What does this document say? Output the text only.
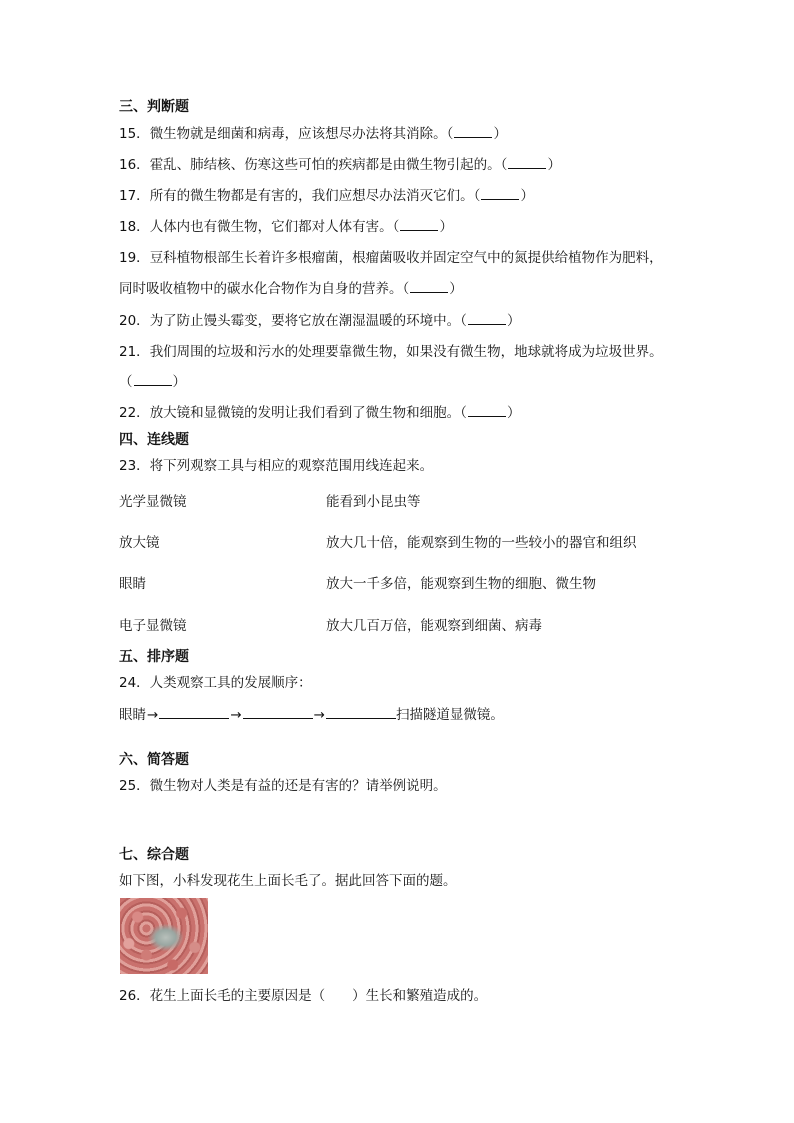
三、判断题
15．微生物就是细菌和病毒，应该想尽办法将其消除。（	）
16．霍乱、肺结核、伤寒这些可怕的疾病都是由微生物引起的。（	）
17．所有的微生物都是有害的，我们应想尽办法消灭它们。（	）
18．人体内也有微生物，它们都对人体有害。（	）
19．豆科植物根部生长着许多根瘤菌，根瘤菌吸收并固定空气中的氮提供给植物作为肥料，
同时吸收植物中的碳水化合物作为自身的营养。（	）
20．为了防止馒头霉变，要将它放在潮湿温暖的环境中。（	）
21．我们周围的垃圾和污水的处理要靠微生物，如果没有微生物，地球就将成为垃圾世界。
（	）
22．放大镜和显微镜的发明让我们看到了微生物和细胞。（	）
四、连线题
23．将下列观察工具与相应的观察范围用线连起来。
光学显微镜	能看到小昆虫等
放大镜	放大几十倍，能观察到生物的一些较小的器官和组织
眼睛	放大一千多倍，能观察到生物的细胞、微生物
电子显微镜	放大几百万倍，能观察到细菌、病毒
五、排序题
24．人类观察工具的发展顺序：
眼睛→	→	→	扫描隧道显微镜。
六、简答题
25．微生物对人类是有益的还是有害的？请举例说明。
七、综合题
如下图，小科发现花生上面长毛了。据此回答下面的题。
26．花生上面长毛的主要原因是（　　）生长和繁殖造成的。
